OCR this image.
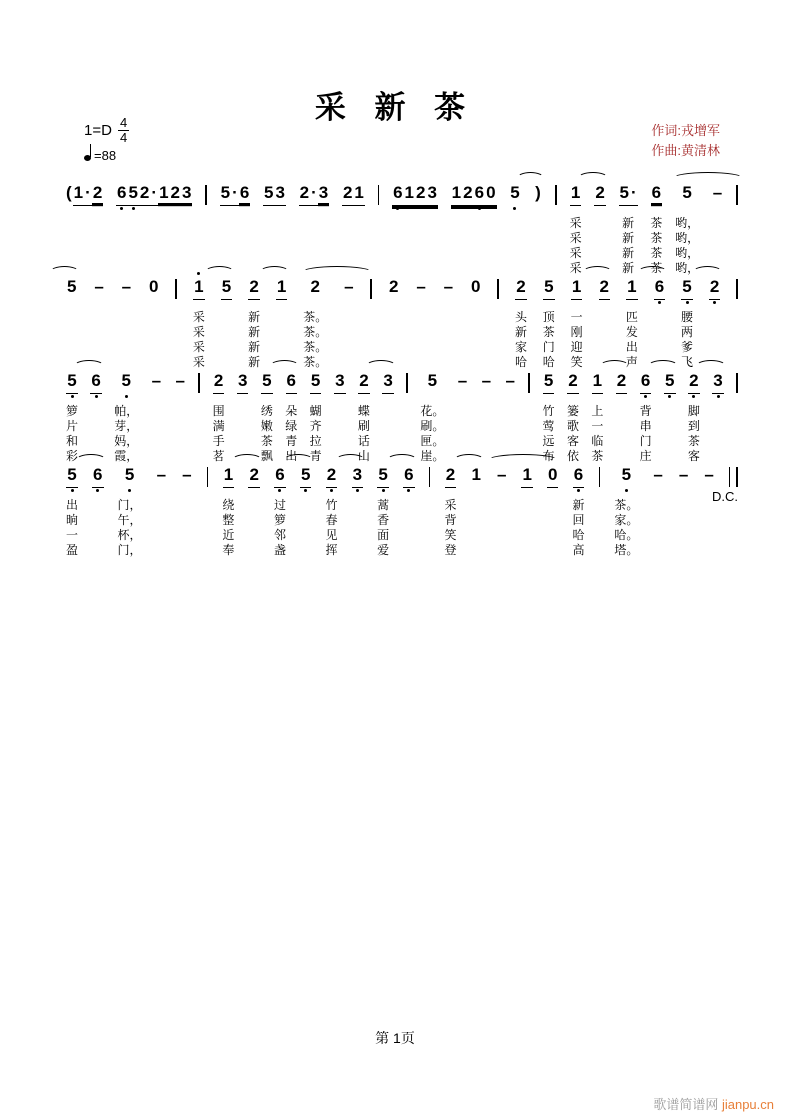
采 新 茶
$1=D \frac{4}{4}$
=88
作词:戎增军
作曲:黄清林
D.C.
( 1 · 2 6 5 2 · 1 2 3 5 · 6 5 3 2 · 3 2 1 6 1 2 3 1 2 6 0 5 ) 1
采
采
采
采
2 5 ·
新
新
新
新
6
茶
茶
茶
茶
5
哟，
哟，
哟，
哟，
–
5 – – 0 1
采
采
采
采
5 2
新
新
新
新
1 2
茶。
茶。
茶。
茶。
– 2 – – 0 2
头
新
家
哈
5
顶
茶
门
哈
1
一
刚
迎
笑
2 1
匹
发
出
声
6 5
腰
两
爹
飞
2
5
箩
片
和
彩
6 5
帕，
芽，
妈，
霞，
– – 2
围
满
手
茗
3 5
绣
嫩
茶
飘
6
朵
绿
青
出
5
蝴
齐
拉
青
3 2
蝶
刷
话
山
3 5
花。
刷。
匣。
崖。
– – – 5
竹
莺
远
布
2
篓
歌
客
依
1
上
一
临
茶
2 6
背
串
门
庄
5 2
脚
到
茶
客
3
5
出
晌
一
盈
6 5
门，
午，
杯，
门，
– – 1
绕
整
近
奉
2 6
过
箩
邻
盏
5 2
竹
春
见
挥
3 5
蒿
香
面
爱
6 2
采
背
笑
登
1 – 1 0 6
新
回
哈
高
5
茶。
家。
哈。
塔。
– – –
第 1页
歌谱简谱网 jianpu.cn
